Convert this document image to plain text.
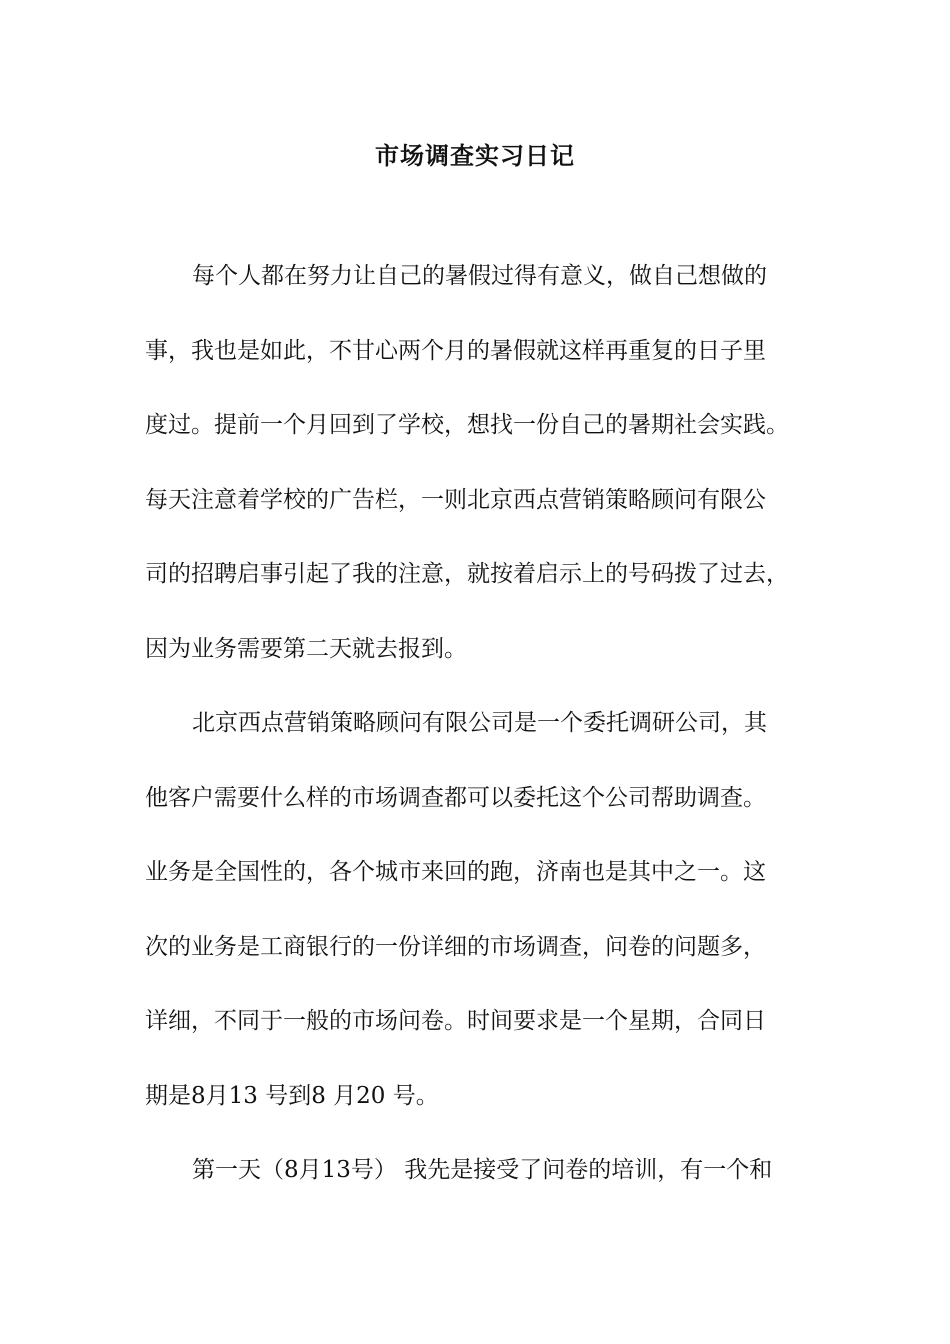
市场调查实习日记
每个人都在努力让自己的暑假过得有意义，做自己想做的
事，我也是如此，不甘心两个月的暑假就这样再重复的日子里
度过。提前一个月回到了学校，想找一份自己的暑期社会实践。
每天注意着学校的广告栏，一则北京西点营销策略顾问有限公
司的招聘启事引起了我的注意，就按着启示上的号码拨了过去，
因为业务需要第二天就去报到。
北京西点营销策略顾问有限公司是一个委托调研公司，其
他客户需要什么样的市场调查都可以委托这个公司帮助调查。
业务是全国性的，各个城市来回的跑，济南也是其中之一。这
次的业务是工商银行的一份详细的市场调查，问卷的问题多，
详细，不同于一般的市场问卷。时间要求是一个星期，合同日
期是8月13 号到8 月20 号。
第一天（8月13号） 我先是接受了问卷的培训，有一个和
